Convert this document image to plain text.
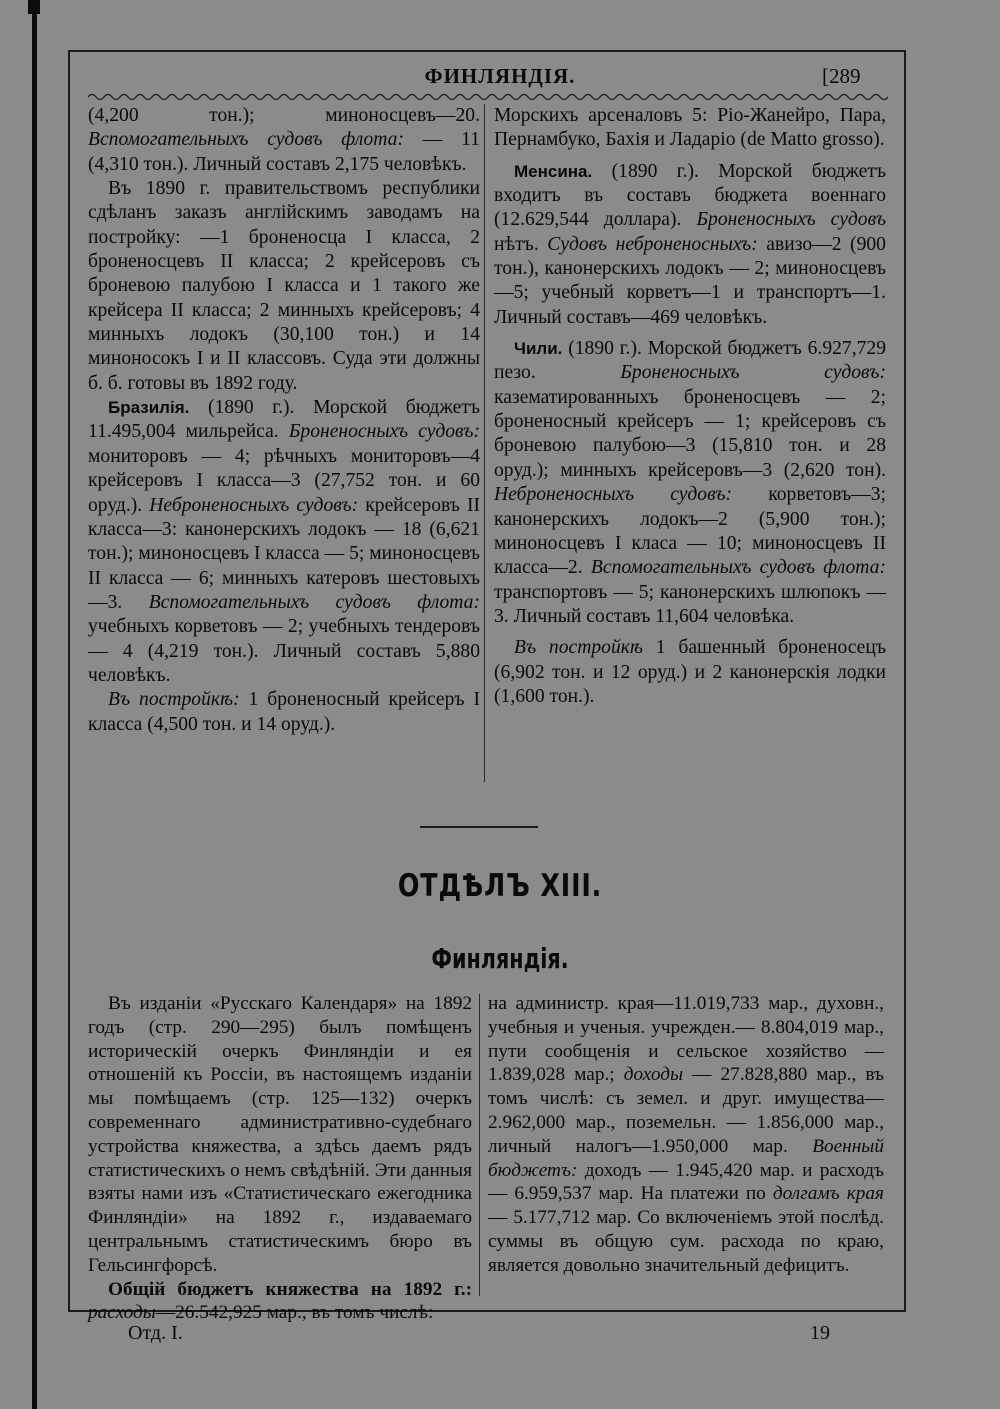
ФИНЛЯНДІЯ.	[289

(4,200 тон.); миноносцевъ—20. Вспомогательныхъ судовъ флота: — 11 (4,310 тон.). Личный составъ 2,175 человѣкъ.

Въ 1890 г. правительствомъ республики сдѣланъ заказъ англійскимъ заводамъ на постройку: —1 броненосца I класса, 2 броненосцевъ II класса; 2 крейсеровъ съ броневою палубою I класса и 1 такого же крейсера II класса; 2 минныхъ крейсеровъ; 4 минныхъ лодокъ (30,100 тон.) и 14 миноносокъ I и II классовъ. Суда эти должны б. б. готовы въ 1892 году.

Бразилія. (1890 г.). Морской бюджетъ 11.495,004 мильрейса. Броненосныхъ судовъ: мониторовъ — 4; рѣчныхъ мониторовъ—4 крейсеровъ I класса—3 (27,752 тон. и 60 оруд.). Неброненосныхъ судовъ: крейсеровъ II класса—3: канонерскихъ лодокъ — 18 (6,621 тон.); миноносцевъ I класса — 5; миноносцевъ II класса — 6; минныхъ катеровъ шестовыхъ—3. Вспомогательныхъ судовъ флота: учебныхъ корветовъ — 2; учебныхъ тендеровъ — 4 (4,219 тон.). Личный составъ 5,880 человѣкъ.

Въ постройкѣ: 1 броненосный крейсеръ I класса (4,500 тон. и 14 оруд.).

Морскихъ арсеналовъ 5: Ріо-Жанейро, Пара, Пернамбуко, Бахія и Ладаріо (de Matto grosso).

Менсина. (1890 г.). Морской бюджетъ входитъ въ составъ бюджета военнаго (12.629,544 доллара). Броненосныхъ судовъ нѣтъ. Судовъ неброненосныхъ: авизо—2 (900 тон.), канонерскихъ лодокъ — 2; миноносцевъ—5; учебный корветъ—1 и транспортъ—1. Личный составъ—469 человѣкъ.

Чили. (1890 г.). Морской бюджетъ 6.927,729 пезо. Броненосныхъ судовъ: казематированныхъ броненосцевъ — 2; броненосный крейсеръ — 1; крейсеровъ съ броневою палубою—3 (15,810 тон. и 28 оруд.); минныхъ крейсеровъ—3 (2,620 тон). Неброненосныхъ судовъ: корветовъ—3; канонерскихъ лодокъ—2 (5,900 тон.); миноносцевъ I класа — 10; миноносцевъ II класса—2. Вспомогательныхъ судовъ флота: транспортовъ — 5; канонерскихъ шлюпокъ — 3. Личный составъ 11,604 человѣка.

Въ постройкѣ 1 башенный броненосецъ (6,902 тон. и 12 оруд.) и 2 канонерскія лодки (1,600 тон.).

ОТДѢЛЪ XIII.
Финляндія.

Въ изданіи «Русскаго Календаря» на 1892 годъ (стр. 290—295) былъ помѣщенъ историческій очеркъ Финляндіи и ея отношеній къ Россіи, въ настоящемъ изданіи мы помѣщаемъ (стр. 125—132) очеркъ современнаго административно-судебнаго устройства княжества, а здѣсь даемъ рядъ статистическихъ о немъ свѣдѣній. Эти данныя взяты нами изъ «Статистическаго ежегодника Финляндіи» на 1892 г., издаваемаго центральнымъ статистическимъ бюро въ Гельсингфорсѣ.

Общій бюджетъ княжества на 1892 г.: расходы—26.542,925 мар., въ томъ числѣ:

на администр. края—11.019,733 мар., духовн., учебныя и ученыя. учрежден.— 8.804,019 мар., пути сообщенія и сельское хозяйство — 1.839,028 мар.; доходы — 27.828,880 мар., въ томъ числѣ: съ земел. и друг. имущества—2.962,000 мар., поземельн. — 1.856,000 мар., личный налогъ—1.950,000 мар. Военный бюджетъ: доходъ — 1.945,420 мар. и расходъ— 6.959,537 мар. На платежи по долгамъ края — 5.177,712 мар. Со включеніемъ этой послѣд. суммы въ общую сум. расхода по краю, является довольно значительный дефицитъ.

Отд. I.	19
